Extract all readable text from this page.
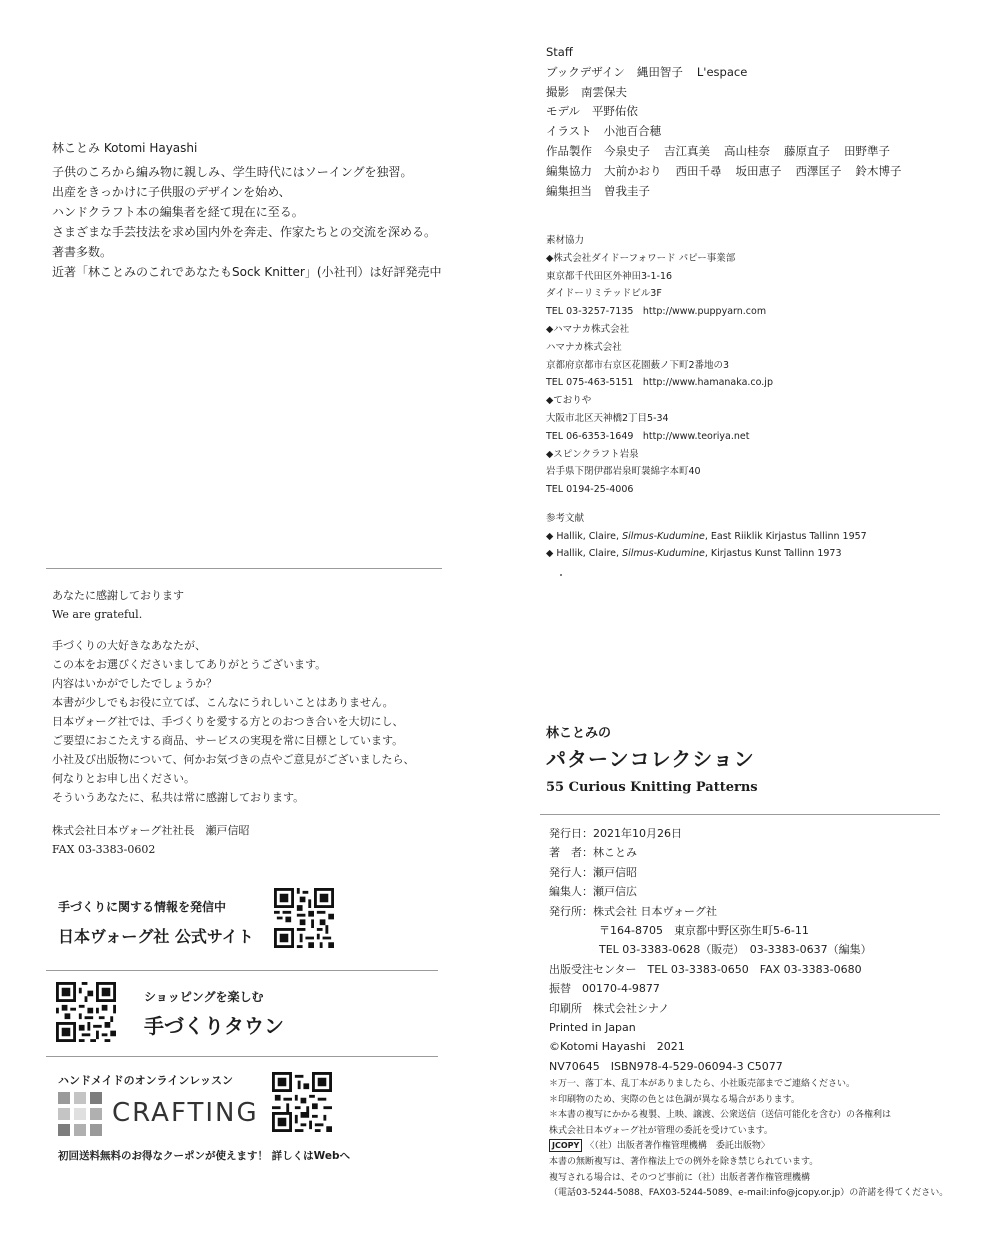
林ことみ Kotomi Hayashi
子供のころから編み物に親しみ、学生時代にはソーイングを独習。
出産をきっかけに子供服のデザインを始め、
ハンドクラフト本の編集者を経て現在に至る。
さまざまな手芸技法を求め国内外を奔走、作家たちとの交流を深める。
著書多数。
近著「林ことみのこれであなたもSock Knitter」(小社刊）は好評発売中
あなたに感謝しております
We are grateful.
手づくりの大好きなあなたが、
この本をお選びくださいましてありがとうございます。
内容はいかがでしたでしょうか？
本書が少しでもお役に立てば、こんなにうれしいことはありません。
日本ヴォーグ社では、手づくりを愛する方とのおつき合いを大切にし、
ご要望におこたえする商品、サービスの実現を常に目標としています。
小社及び出版物について、何かお気づきの点やご意見がございましたら、
何なりとお申し出ください。
そういうあなたに、私共は常に感謝しております。
株式会社日本ヴォーグ社社長　瀬戸信昭
FAX 03-3383-0602
手づくりに関する情報を発信中
日本ヴォーグ社 公式サイト
ショッピングを楽しむ
手づくりタウン
ハンドメイドのオンラインレッスン
CRAFTING
初回送料無料のお得なクーポンが使えます！ 詳しくはWebへ
Staff
ブックデザイン 縄田智子 L'espace
撮影 南雲保夫
モデル 平野佑依
イラスト 小池百合穂
作品製作 今泉史子 吉江真美 高山桂奈 藤原直子 田野準子
編集協力 大前かおり 西田千尋 坂田恵子 西澤匡子 鈴木博子
編集担当 曽我圭子
素材協力
◆株式会社ダイドーフォワード パピー事業部
東京都千代田区外神田3-1-16
ダイドーリミテッドビル3F
TEL 03-3257-7135　http://www.puppyarn.com
◆ハマナカ株式会社
ハマナカ株式会社
京都府京都市右京区花園薮ノ下町2番地の3
TEL 075-463-5151　http://www.hamanaka.co.jp
◆ておりや
大阪市北区天神橋2丁目5-34
TEL 06-6353-1649　http://www.teoriya.net
◆スピンクラフト岩泉
岩手県下閉伊郡岩泉町袰綿字本町40
TEL 0194-25-4006
参考文献
◆ Hallik, Claire, Silmus-Kudumine, East Riiklik Kirjastus Tallinn 1957
◆ Hallik, Claire, Silmus-Kudumine, Kirjastus Kunst Tallinn 1973
林ことみの
パターンコレクション
55 Curious Knitting Patterns
発行日：2021年10月26日
著　者：林ことみ
発行人：瀬戸信昭
編集人：瀬戸信広
発行所：株式会社 日本ヴォーグ社
〒164-8705　東京都中野区弥生町5-6-11
TEL 03-3383-0628（販売）　03-3383-0637（編集）
出版受注センター　TEL 03-3383-0650　FAX 03-3383-0680
振替　00170-4-9877
印刷所　株式会社シナノ
Printed in Japan
©Kotomi Hayashi　2021
NV70645　ISBN978-4-529-06094-3 C5077
＊万一、落丁本、乱丁本がありましたら、小社販売部までご連絡ください。
＊印刷物のため、実際の色とは色調が異なる場合があります。
＊本書の複写にかかる複製、上映、譲渡、公衆送信（送信可能化を含む）の各権利は
株式会社日本ヴォーグ社が管理の委託を受けています。
JCOPY 〈（社）出版者著作権管理機構　委託出版物〉
本書の無断複写は、著作権法上での例外を除き禁じられています。
複写される場合は、そのつど事前に（社）出版者著作権管理機構
（電話03-5244-5088、FAX03-5244-5089、e-mail:info@jcopy.or.jp）の許諾を得てください。
